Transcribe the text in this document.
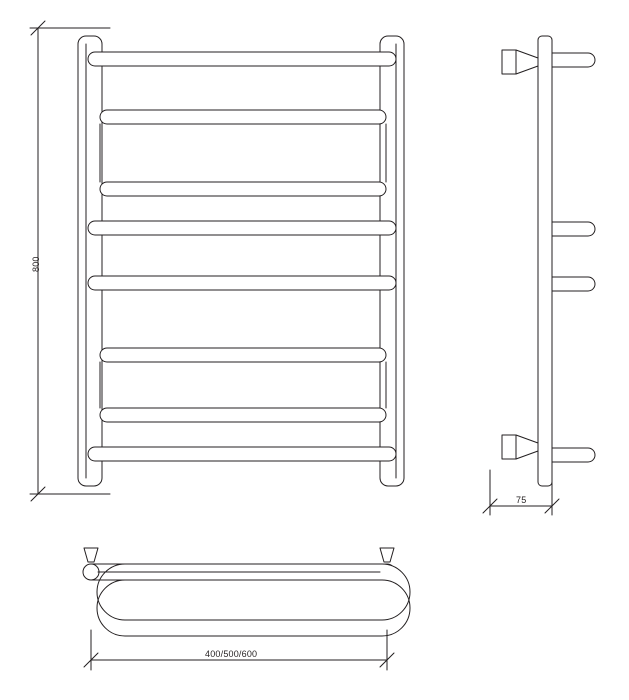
800
75
400/500/600
